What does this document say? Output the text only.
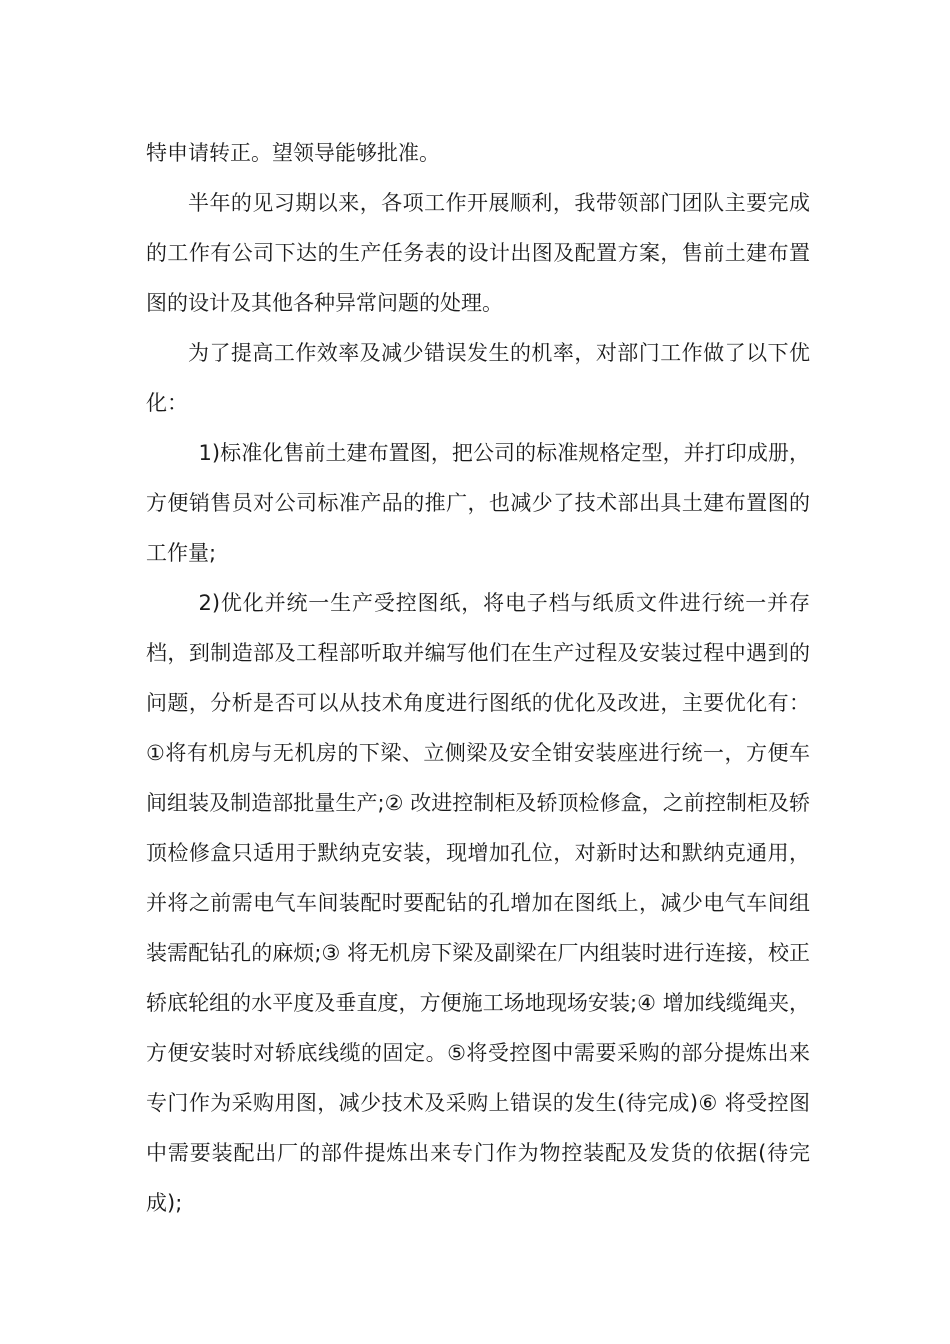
特申请转正。望领导能够批准。

半年的见习期以来，各项工作开展顺利，我带领部门团队主要完成的工作有公司下达的生产任务表的设计出图及配置方案，售前土建布置图的设计及其他各种异常问题的处理。

为了提高工作效率及减少错误发生的机率，对部门工作做了以下优化：

1)标准化售前土建布置图，把公司的标准规格定型，并打印成册，方便销售员对公司标准产品的推广，也减少了技术部出具土建布置图的工作量;

2)优化并统一生产受控图纸，将电子档与纸质文件进行统一并存档，到制造部及工程部听取并编写他们在生产过程及安装过程中遇到的问题，分析是否可以从技术角度进行图纸的优化及改进，主要优化有：①将有机房与无机房的下梁、立侧梁及安全钳安装座进行统一，方便车间组装及制造部批量生产;② 改进控制柜及轿顶检修盒，之前控制柜及轿顶检修盒只适用于默纳克安装，现增加孔位，对新时达和默纳克通用，并将之前需电气车间装配时要配钻的孔增加在图纸上，减少电气车间组装需配钻孔的麻烦;③ 将无机房下梁及副梁在厂内组装时进行连接，校正轿底轮组的水平度及垂直度，方便施工场地现场安装;④ 增加线缆绳夹，方便安装时对轿底线缆的固定。⑤将受控图中需要采购的部分提炼出来专门作为采购用图，减少技术及采购上错误的发生(待完成)⑥ 将受控图中需要装配出厂的部件提炼出来专门作为物控装配及发货的依据(待完成);
